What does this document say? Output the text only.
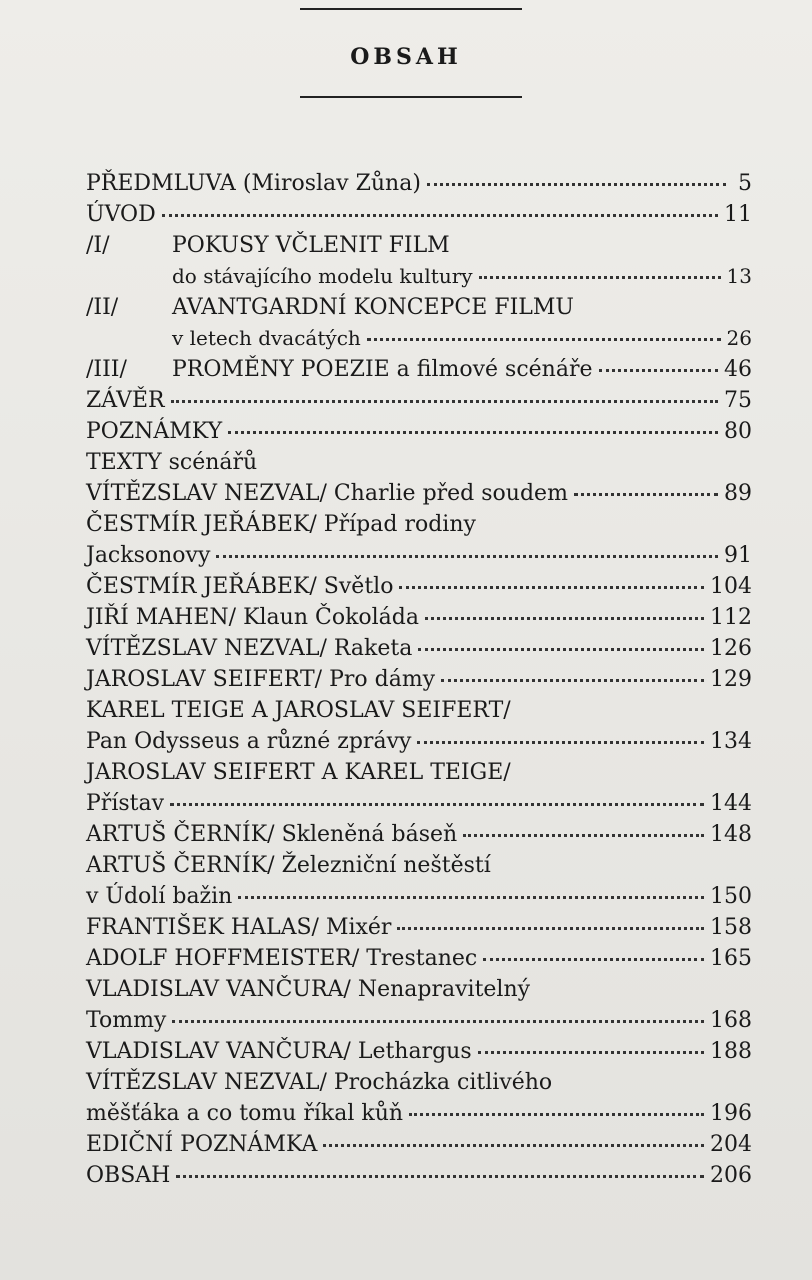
OBSAH
PŘEDMLUVA (Miroslav Zůna)	5
ÚVOD	11
/I/	POKUSY VČLENIT FILM
do stávajícího modelu kultury	13
/II/	AVANTGARDNÍ KONCEPCE FILMU
v letech dvacátých	26
/III/	PROMĚNY POEZIE a filmové scénáře	46
ZÁVĚR	75
POZNÁMKY	80
TEXTY scénářů
VÍTĚZSLAV NEZVAL/ Charlie před soudem	89
ČESTMÍR JEŘÁBEK/ Případ rodiny
Jacksonovy	91
ČESTMÍR JEŘÁBEK/ Světlo	104
JIŘÍ MAHEN/ Klaun Čokoláda	112
VÍTĚZSLAV NEZVAL/ Raketa	126
JAROSLAV SEIFERT/ Pro dámy	129
KAREL TEIGE A JAROSLAV SEIFERT/
Pan Odysseus a různé zprávy	134
JAROSLAV SEIFERT A KAREL TEIGE/
Přístav	144
ARTUŠ ČERNÍK/ Skleněná báseň	148
ARTUŠ ČERNÍK/ Železniční neštěstí
v Údolí bažin	150
FRANTIŠEK HALAS/ Mixér	158
ADOLF HOFFMEISTER/ Trestanec	165
VLADISLAV VANČURA/ Nenapravitelný
Tommy	168
VLADISLAV VANČURA/ Lethargus	188
VÍTĚZSLAV NEZVAL/ Procházka citlivého
měšťáka a co tomu říkal kůň	196
EDIČNÍ POZNÁMKA	204
OBSAH	206
